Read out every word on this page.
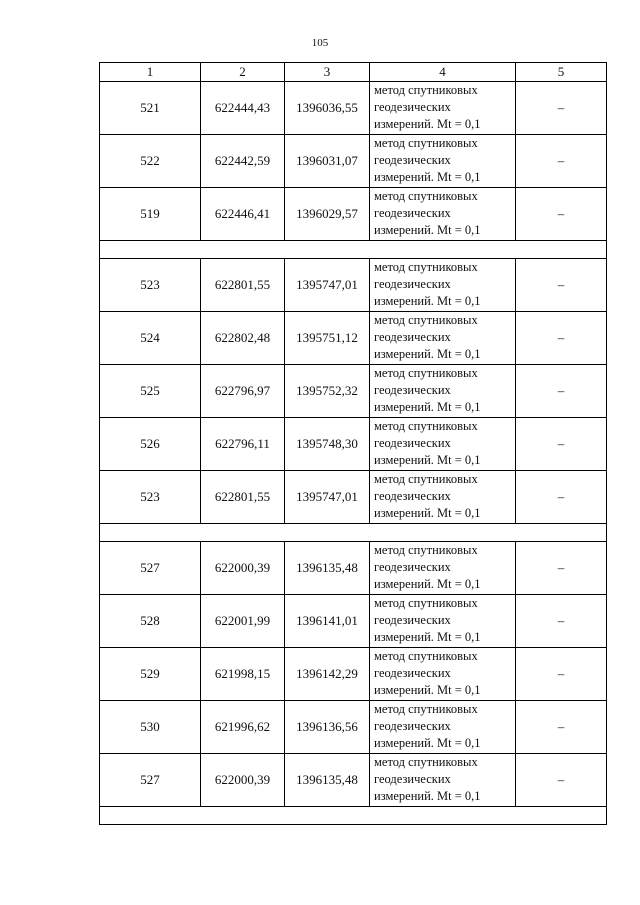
105
1	2	3	4	5
521	622444,43	1396036,55	метод спутниковых
геодезических
измерений. Mt = 0,1	–
522	622442,59	1396031,07	метод спутниковых
геодезических
измерений. Mt = 0,1	–
519	622446,41	1396029,57	метод спутниковых
геодезических
измерений. Mt = 0,1	–

523	622801,55	1395747,01	метод спутниковых
геодезических
измерений. Mt = 0,1	–
524	622802,48	1395751,12	метод спутниковых
геодезических
измерений. Mt = 0,1	–
525	622796,97	1395752,32	метод спутниковых
геодезических
измерений. Mt = 0,1	–
526	622796,11	1395748,30	метод спутниковых
геодезических
измерений. Mt = 0,1	–
523	622801,55	1395747,01	метод спутниковых
геодезических
измерений. Mt = 0,1	–

527	622000,39	1396135,48	метод спутниковых
геодезических
измерений. Mt = 0,1	–
528	622001,99	1396141,01	метод спутниковых
геодезических
измерений. Mt = 0,1	–
529	621998,15	1396142,29	метод спутниковых
геодезических
измерений. Mt = 0,1	–
530	621996,62	1396136,56	метод спутниковых
геодезических
измерений. Mt = 0,1	–
527	622000,39	1396135,48	метод спутниковых
геодезических
измерений. Mt = 0,1	–
